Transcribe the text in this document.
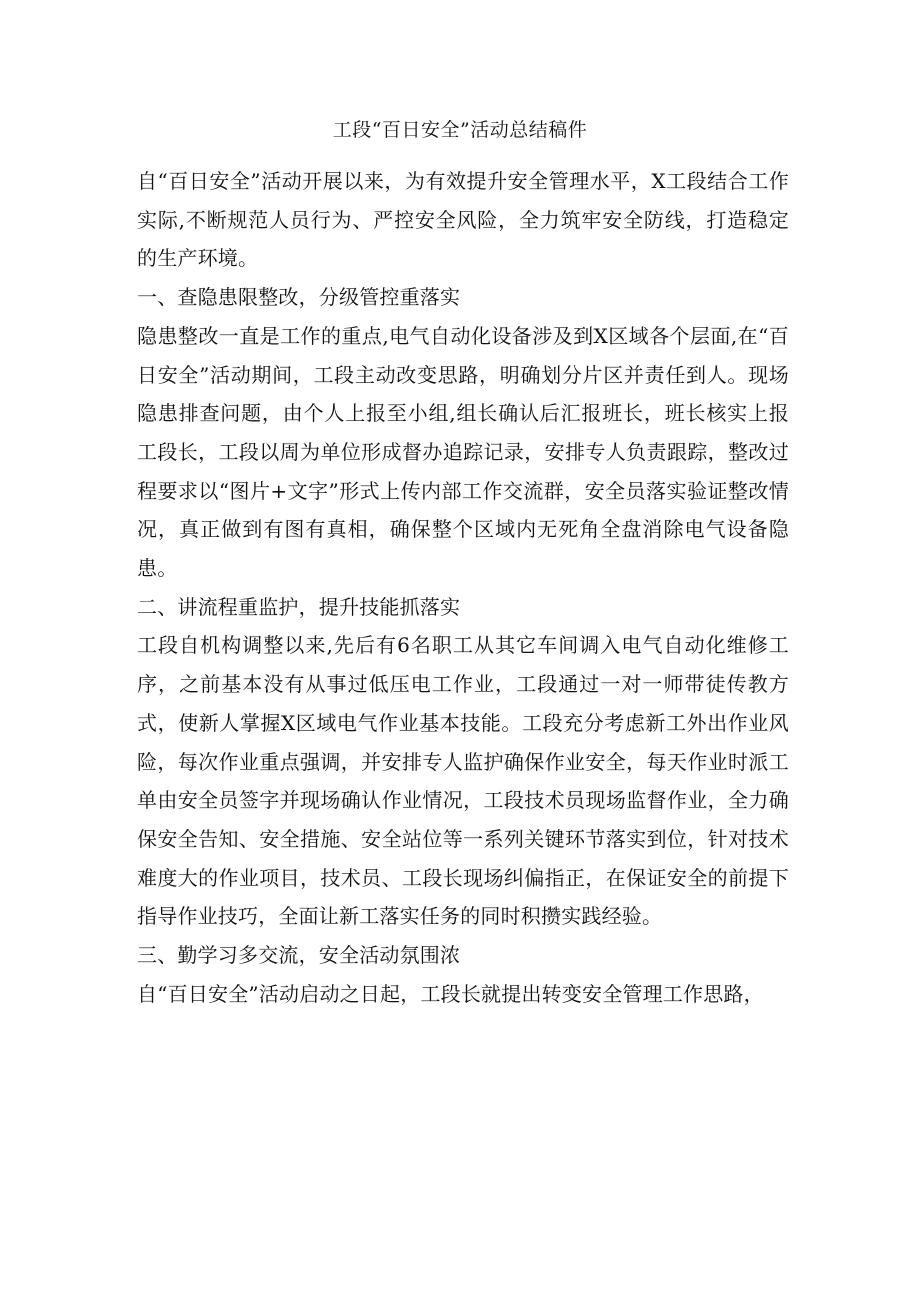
工段“百日安全”活动总结稿件

自“百日安全”活动开展以来，为有效提升安全管理水平，X工段结合工作实际,不断规范人员行为、严控安全风险，全力筑牢安全防线，打造稳定的生产环境。

一、查隐患限整改，分级管控重落实

隐患整改一直是工作的重点,电气自动化设备涉及到X区域各个层面,在“百日安全”活动期间，工段主动改变思路，明确划分片区并责任到人。现场隐患排查问题，由个人上报至小组,组长确认后汇报班长，班长核实上报工段长，工段以周为单位形成督办追踪记录，安排专人负责跟踪，整改过程要求以“图片+文字”形式上传内部工作交流群，安全员落实验证整改情况，真正做到有图有真相，确保整个区域内无死角全盘消除电气设备隐患。

二、讲流程重监护，提升技能抓落实

工段自机构调整以来,先后有6名职工从其它车间调入电气自动化维修工序，之前基本没有从事过低压电工作业，工段通过一对一师带徒传教方式，使新人掌握X区域电气作业基本技能。工段充分考虑新工外出作业风险，每次作业重点强调，并安排专人监护确保作业安全，每天作业时派工单由安全员签字并现场确认作业情况，工段技术员现场监督作业，全力确保安全告知、安全措施、安全站位等一系列关键环节落实到位，针对技术难度大的作业项目，技术员、工段长现场纠偏指正，在保证安全的前提下指导作业技巧，全面让新工落实任务的同时积攒实践经验。

三、勤学习多交流，安全活动氛围浓

自“百日安全”活动启动之日起，工段长就提出转变安全管理工作思路，
